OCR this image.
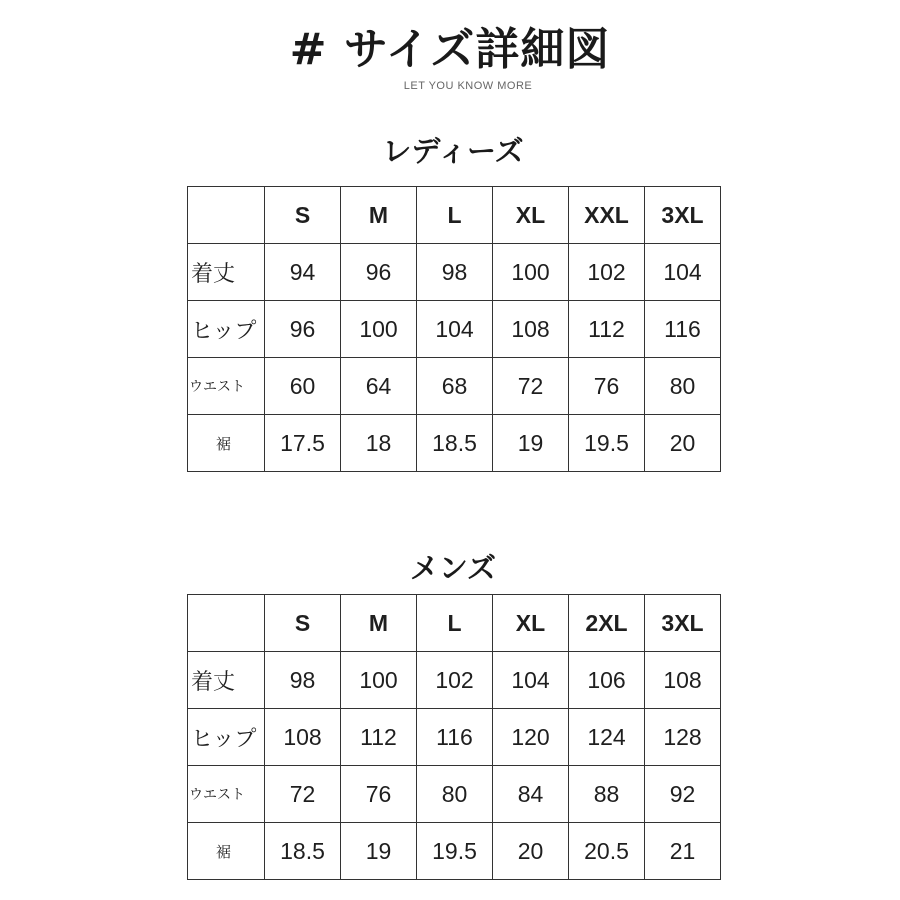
# サイズ詳細図
LET YOU KNOW MORE
レディーズ
	S	M	L	XL	XXL	3XL
着丈	94	96	98	100	102	104
ヒップ	96	100	104	108	112	116
ウエスト	60	64	68	72	76	80
裾	17.5	18	18.5	19	19.5	20
メンズ
	S	M	L	XL	2XL	3XL
着丈	98	100	102	104	106	108
ヒップ	108	112	116	120	124	128
ウエスト	72	76	80	84	88	92
裾	18.5	19	19.5	20	20.5	21
